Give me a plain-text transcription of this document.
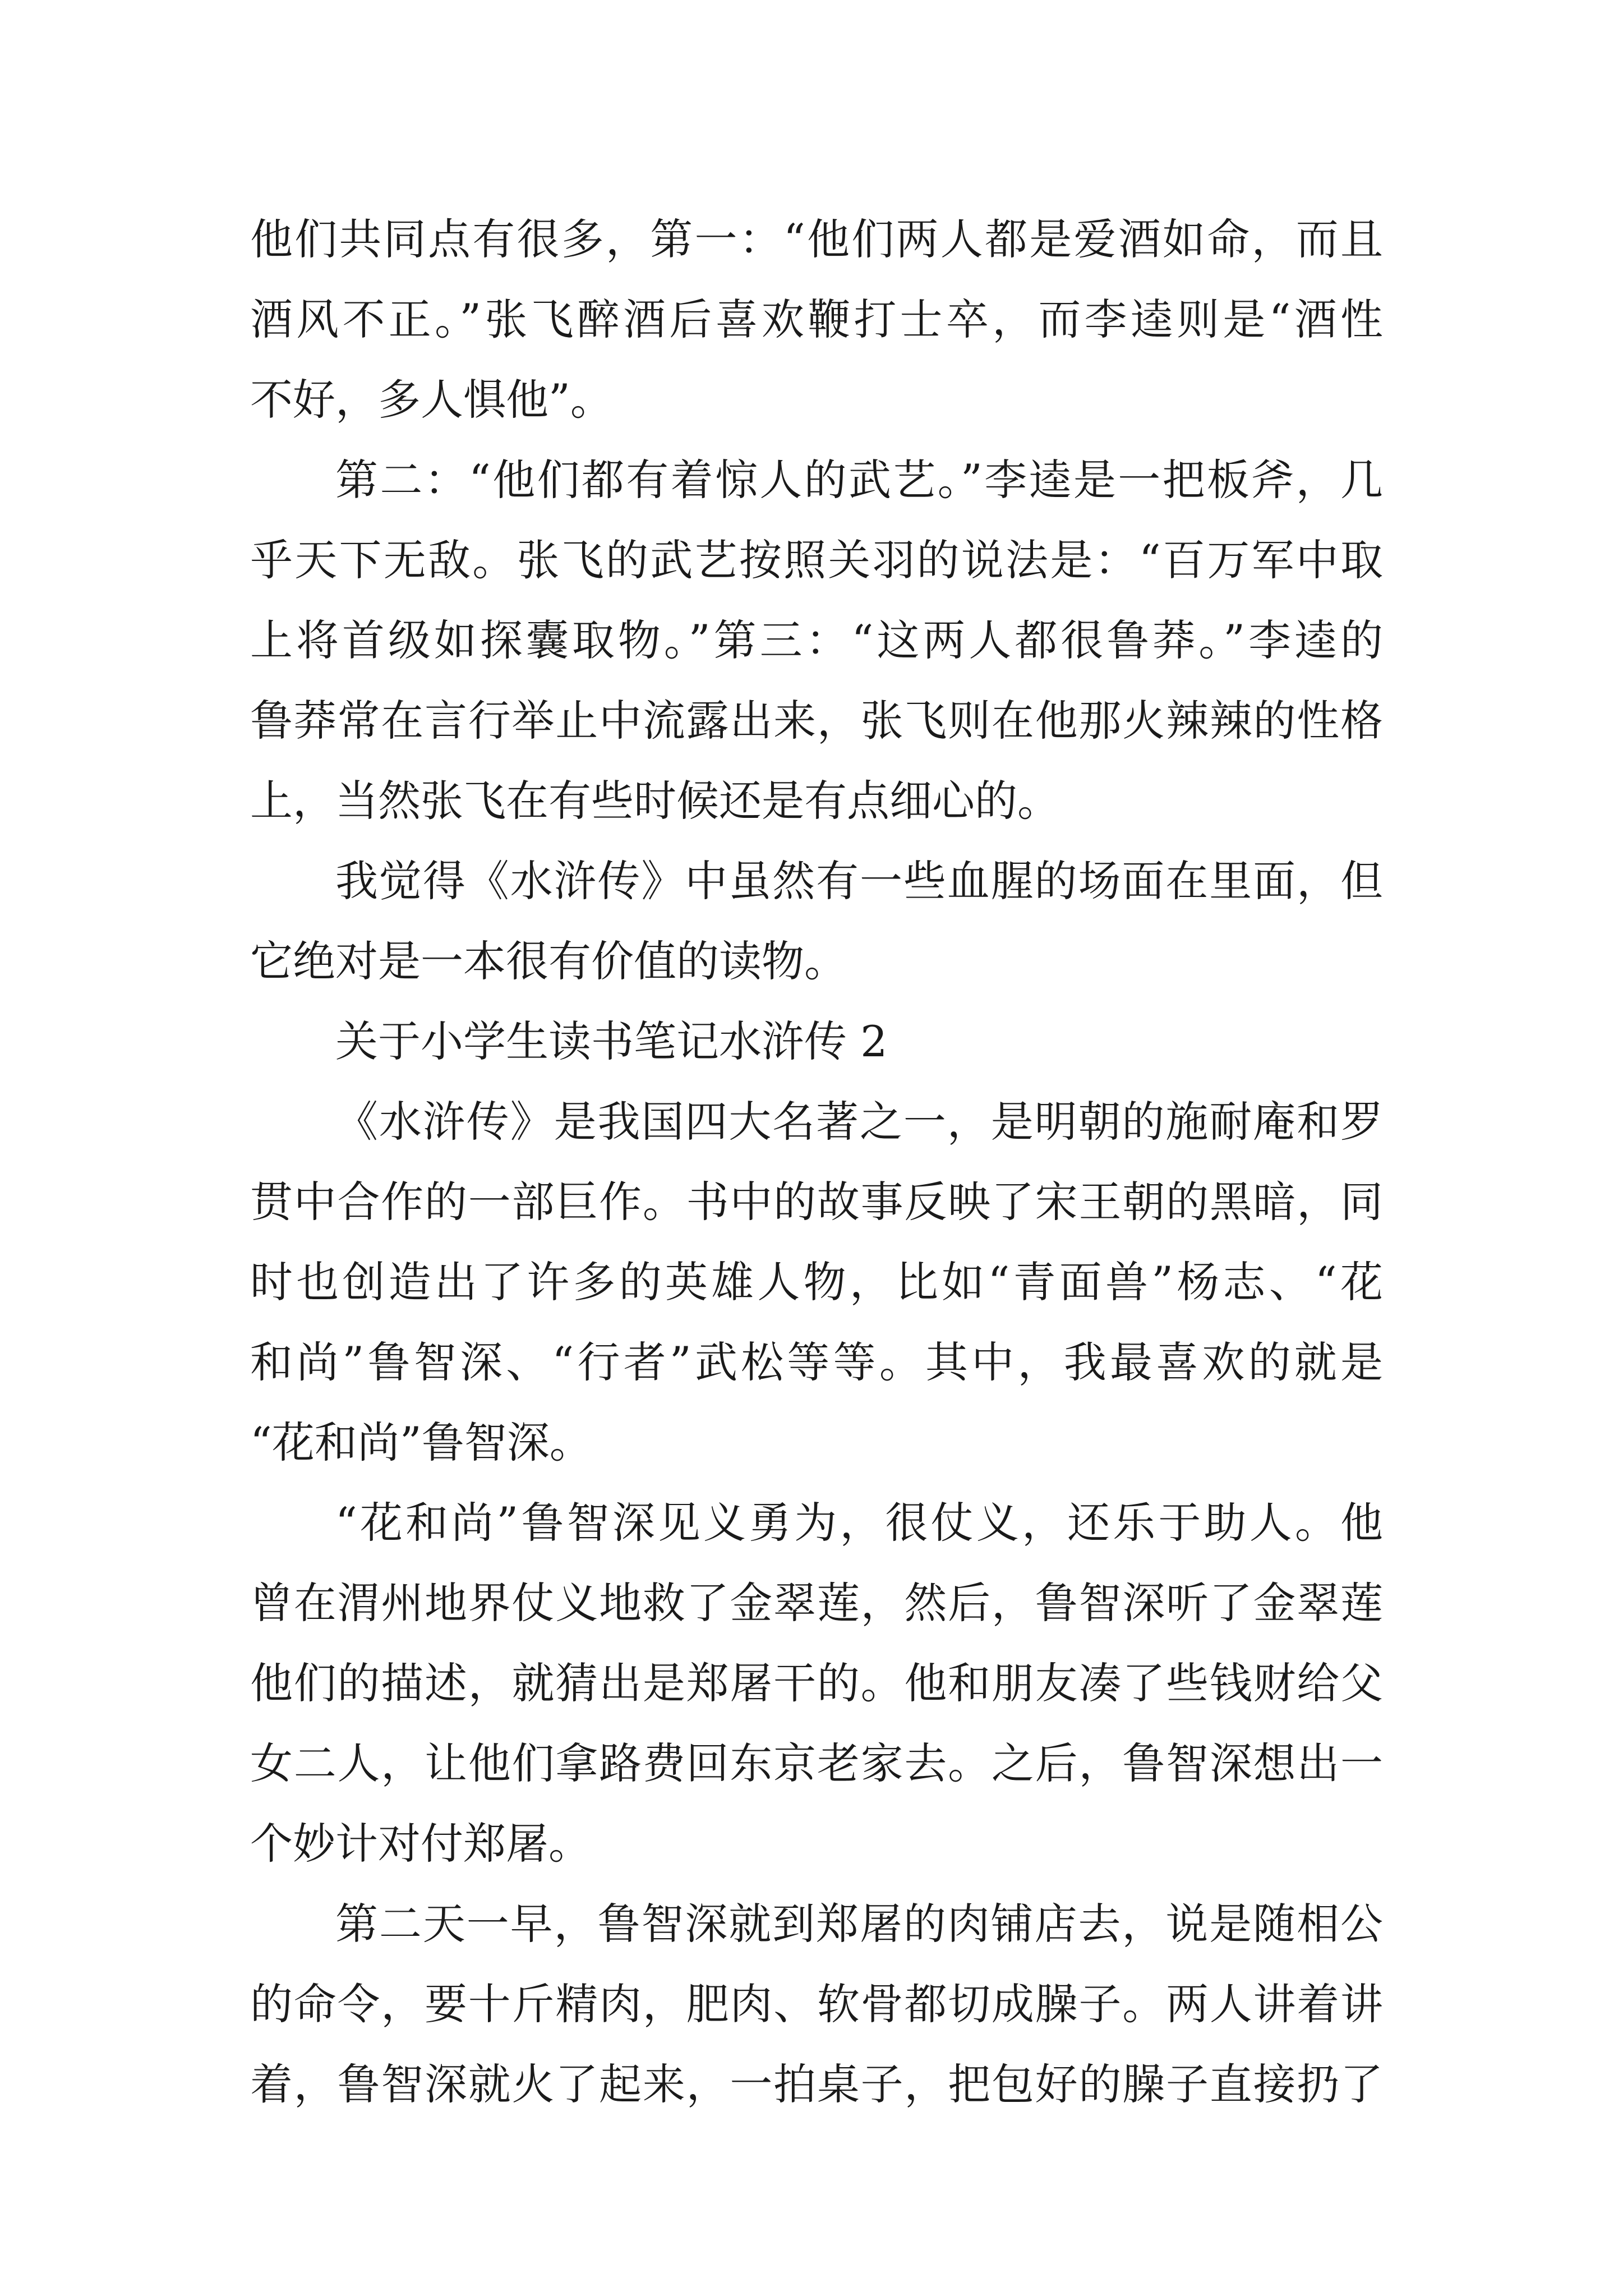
他们共同点有很多，第一：“他们两人都是爱酒如命，而且
酒风不正。”张飞醉酒后喜欢鞭打士卒，而李逵则是“酒性
不好，多人惧他”。
第二：“他们都有着惊人的武艺。”李逵是一把板斧，几
乎天下无敌。张飞的武艺按照关羽的说法是：“百万军中取
上将首级如探囊取物。”第三：“这两人都很鲁莽。”李逵的
鲁莽常在言行举止中流露出来，张飞则在他那火辣辣的性格
上，当然张飞在有些时候还是有点细心的。
我觉得《水浒传》中虽然有一些血腥的场面在里面，但
它绝对是一本很有价值的读物。
关于小学生读书笔记水浒传 2
《水浒传》是我国四大名著之一，是明朝的施耐庵和罗
贯中合作的一部巨作。书中的故事反映了宋王朝的黑暗，同
时也创造出了许多的英雄人物，比如“青面兽”杨志、“花
和尚”鲁智深、“行者”武松等等。其中，我最喜欢的就是
“花和尚”鲁智深。
“花和尚”鲁智深见义勇为，很仗义，还乐于助人。他
曾在渭州地界仗义地救了金翠莲，然后，鲁智深听了金翠莲
他们的描述，就猜出是郑屠干的。他和朋友凑了些钱财给父
女二人，让他们拿路费回东京老家去。之后，鲁智深想出一
个妙计对付郑屠。
第二天一早，鲁智深就到郑屠的肉铺店去，说是随相公
的命令，要十斤精肉，肥肉、软骨都切成臊子。两人讲着讲
着，鲁智深就火了起来，一拍桌子，把包好的臊子直接扔了
